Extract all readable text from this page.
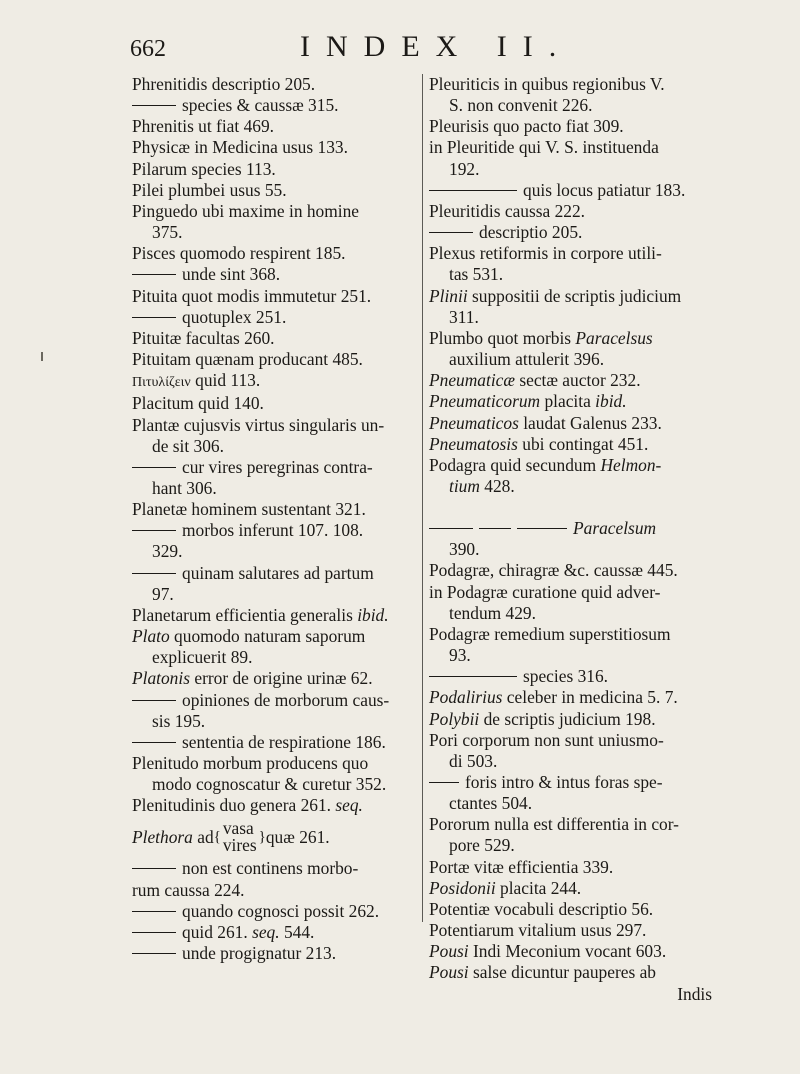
662	INDEX II.
Phrenitidis descriptio 205.
species & caussæ 315.
Phrenitis ut fiat 469.
Physicæ in Medicina usus 133.
Pilarum species 113.
Pilei plumbei usus 55.
Pinguedo ubi maxime in homine
375.
Pisces quomodo respirent 185.
unde sint 368.
Pituita quot modis immutetur 251.
quotuplex 251.
Pituitæ facultas 260.
Pituitam quænam producant 485.
Πιτυλίζειν quid 113.
Placitum quid 140.
Plantæ cujusvis virtus singularis un-
de sit 306.
cur vires peregrinas contra-
hant 306.
Planetæ hominem sustentant 321.
morbos inferunt 107. 108.
329.
quinam salutares ad partum
97.
Planetarum efficientia generalis ibid.
Plato quomodo naturam saporum
explicuerit 89.
Platonis error de origine urinæ 62.
opiniones de morborum caus-
sis 195.
sententia de respiratione 186.
Plenitudo morbum producens quo
modo cognoscatur & curetur 352.
Plenitudinis duo genera 261. seq.
Plethora
ad { vasa
vires } quæ 261.
non est continens morbo-
rum caussa 224.
quando cognosci possit 262.
quid 261. seq. 544.
unde progignatur 213.
Pleuriticis in quibus regionibus V.
S. non convenit 226.
Pleurisis quo pacto fiat 309.
in Pleuritide qui V. S. instituenda
192.
quis locus patiatur 183.
Pleuritidis caussa 222.
descriptio 205.
Plexus retiformis in corpore utili-
tas 531.
Plinii suppositii de scriptis judicium
311.
Plumbo quot morbis Paracelsus
auxilium attulerit 396.
Pneumaticæ sectæ auctor 232.
Pneumaticorum placita ibid.
Pneumaticos laudat Galenus 233.
Pneumatosis ubi contingat 451.
Podagra quid secundum Helmon-
tium 428.
Paracelsum
390.
Podagræ, chiragræ &c. caussæ 445.
in Podagræ curatione quid adver-
tendum 429.
Podagræ remedium superstitiosum
93.
species 316.
Podalirius celeber in medicina 5. 7.
Polybii de scriptis judicium 198.
Pori corporum non sunt uniusmo-
di 503.
foris intro & intus foras spe-
ctantes 504.
Pororum nulla est differentia in cor-
pore 529.
Portæ vitæ efficientia 339.
Posidonii placita 244.
Potentiæ vocabuli descriptio 56.
Potentiarum vitalium usus 297.
Pousi Indi Meconium vocant 603.
Pousi salse dicuntur pauperes ab
Indis
